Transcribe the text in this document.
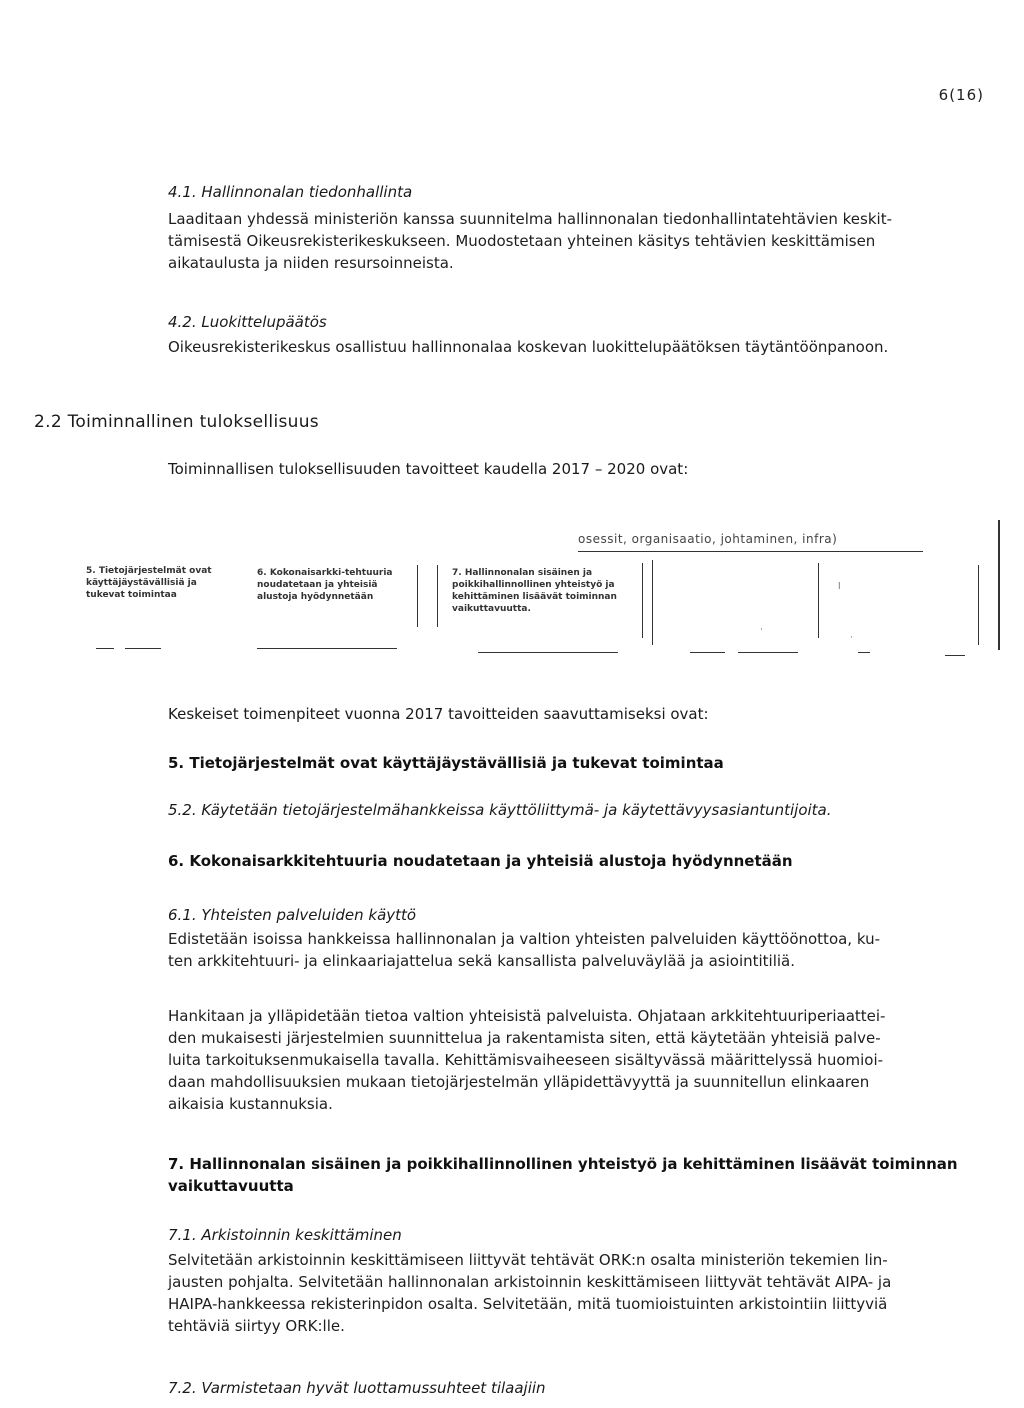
6(16)
4.1. Hallinnonalan tiedonhallinta
Laaditaan yhdessä ministeriön kanssa suunnitelma hallinnonalan tiedonhallintatehtävien keskit-
tämisestä Oikeusrekisterikeskukseen. Muodostetaan yhteinen käsitys tehtävien keskittämisen
aikataulusta ja niiden resursoinneista.
4.2. Luokittelupäätös
Oikeusrekisterikeskus osallistuu hallinnonalaa koskevan luokittelupäätöksen täytäntöönpanoon.
2.2 Toiminnallinen tuloksellisuus
Toiminnallisen tuloksellisuuden tavoitteet kaudella 2017 – 2020 ovat:
osessit, organisaatio, johtaminen, infra)
5. Tietojärjestelmät ovat käyttäjäystävällisiä ja tukevat toimintaa
6. Kokonaisarkki-tehtuuria noudatetaan ja yhteisiä alustoja hyödynnetään
7. Hallinnonalan sisäinen ja poikkihallinnollinen yhteistyö ja kehittäminen lisäävät toiminnan vaikuttavuutta.
l
·
·
Keskeiset toimenpiteet vuonna 2017 tavoitteiden saavuttamiseksi ovat:
5. Tietojärjestelmät ovat käyttäjäystävällisiä ja tukevat toimintaa
5.2. Käytetään tietojärjestelmähankkeissa käyttöliittymä- ja käytettävyysasiantuntijoita.
6. Kokonaisarkkitehtuuria noudatetaan ja yhteisiä alustoja hyödynnetään
6.1. Yhteisten palveluiden käyttö
Edistetään isoissa hankkeissa hallinnonalan ja valtion yhteisten palveluiden käyttöönottoa, ku-
ten arkkitehtuuri- ja elinkaariajattelua sekä kansallista palveluväylää ja asiointitiliä.
Hankitaan ja ylläpidetään tietoa valtion yhteisistä palveluista. Ohjataan arkkitehtuuriperiaattei-
den mukaisesti järjestelmien suunnittelua ja rakentamista siten, että käytetään yhteisiä palve-
luita tarkoituksenmukaisella tavalla. Kehittämisvaiheeseen sisältyvässä määrittelyssä huomioi-
daan mahdollisuuksien mukaan tietojärjestelmän ylläpidettävyyttä ja suunnitellun elinkaaren
aikaisia kustannuksia.
7. Hallinnonalan sisäinen ja poikkihallinnollinen yhteistyö ja kehittäminen lisäävät toiminnan
vaikuttavuutta
7.1. Arkistoinnin keskittäminen
Selvitetään arkistoinnin keskittämiseen liittyvät tehtävät ORK:n osalta ministeriön tekemien lin-
jausten pohjalta. Selvitetään hallinnonalan arkistoinnin keskittämiseen liittyvät tehtävät AIPA- ja
HAIPA-hankkeessa rekisterinpidon osalta. Selvitetään, mitä tuomioistuinten arkistointiin liittyviä
tehtäviä siirtyy ORK:lle.
7.2. Varmistetaan hyvät luottamussuhteet tilaajiin
